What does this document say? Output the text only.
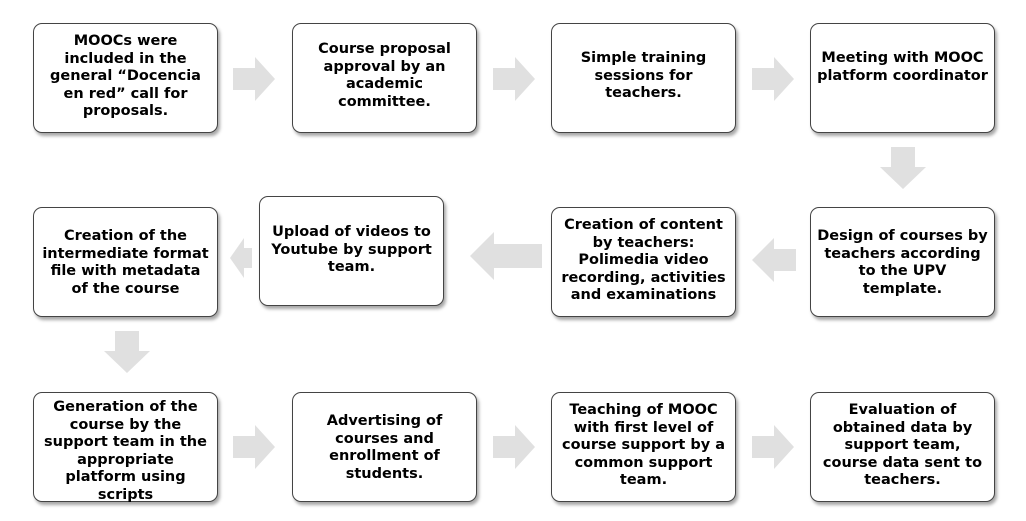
MOOCs were included in the general “Docencia en red” call for proposals.
Course proposal approval by an academic committee.
Simple training sessions for teachers.
Meeting with MOOC platform coordinator
Design of courses by teachers according to the UPV template.
Creation of content by teachers: Polimedia video recording, activities and examinations
Upload of videos to Youtube by support team.
Creation of the intermediate format file with metadata of the course
Generation of the course by the support team in the appropriate platform using scripts
Advertising of courses and enrollment of students.
Teaching of MOOC with first level of course support by a common support team.
Evaluation of obtained data by support team, course data sent to teachers.
